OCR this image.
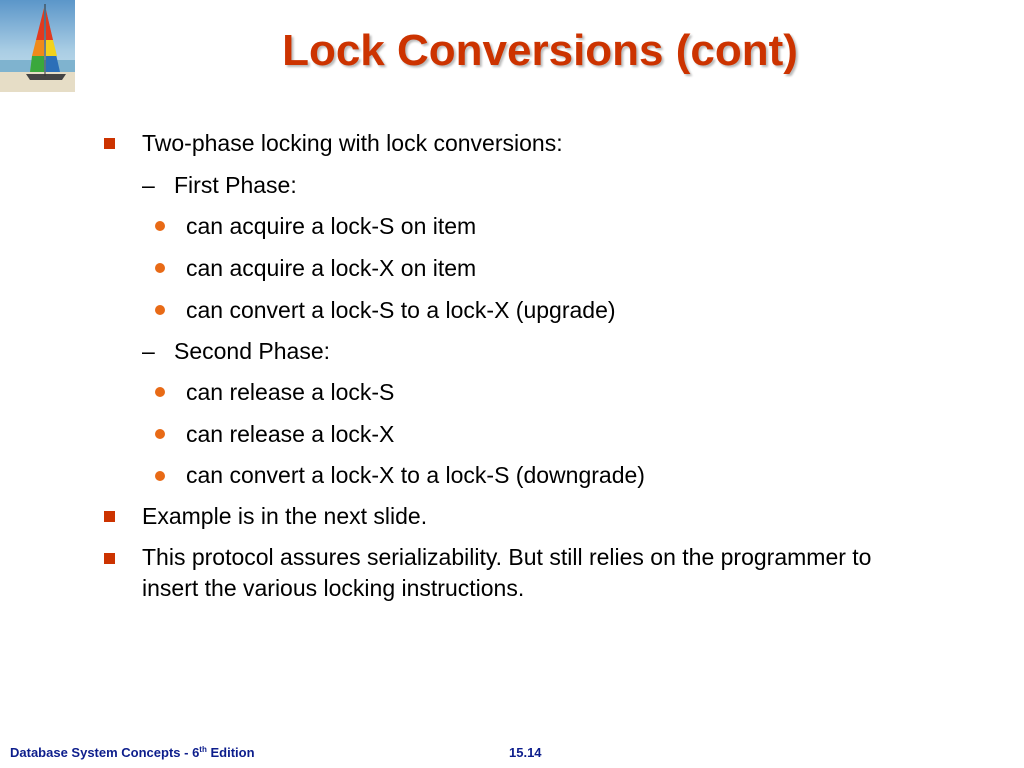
Lock Conversions (cont)
Two-phase locking with lock conversions:
– First Phase:
can acquire a lock-S on item
can acquire a lock-X on item
can convert a lock-S to a lock-X (upgrade)
– Second Phase:
can release a lock-S
can release a lock-X
can convert a lock-X to a lock-S (downgrade)
Example is in the next slide.
This protocol assures serializability. But still relies on the programmer to
insert the various locking instructions.
Database System Concepts - 6th Edition	15.14
